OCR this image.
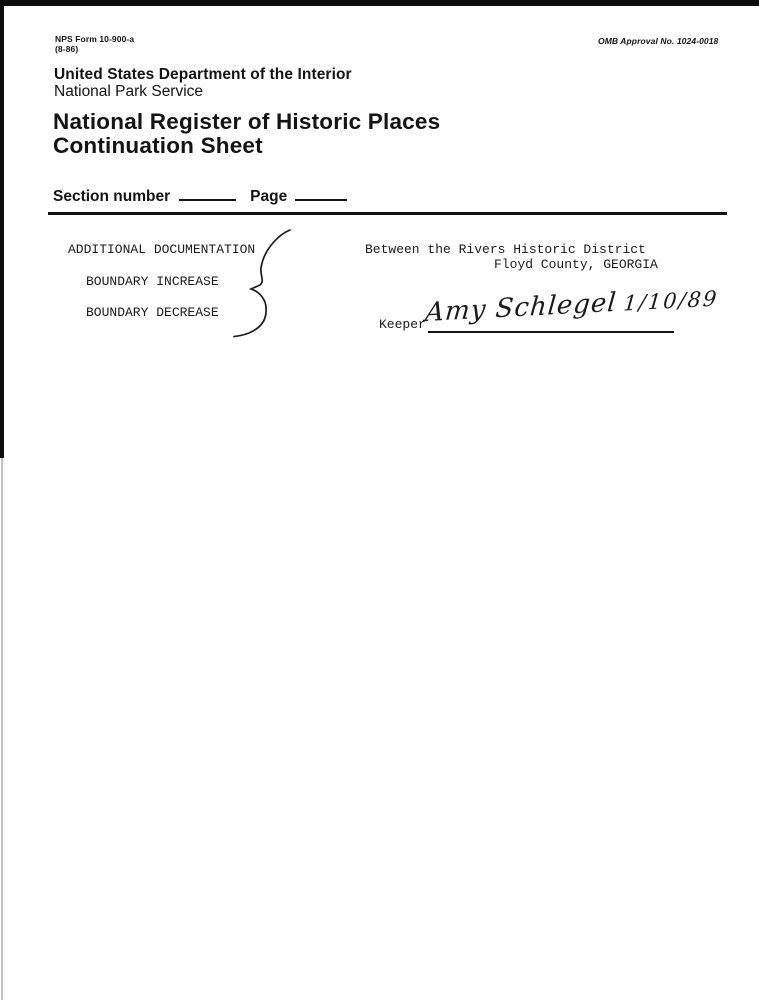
NPS Form 10-900-a
(8-86)
OMB Approval No. 1024-0018
United States Department of the Interior
National Park Service
National Register of Historic Places
Continuation Sheet
Section number	Page
ADDITIONAL DOCUMENTATION
BOUNDARY INCREASE
BOUNDARY DECREASE
Between the Rivers Historic District
Floyd County, GEORGIA
Keeper
Amy Schlegel 1/10/89
